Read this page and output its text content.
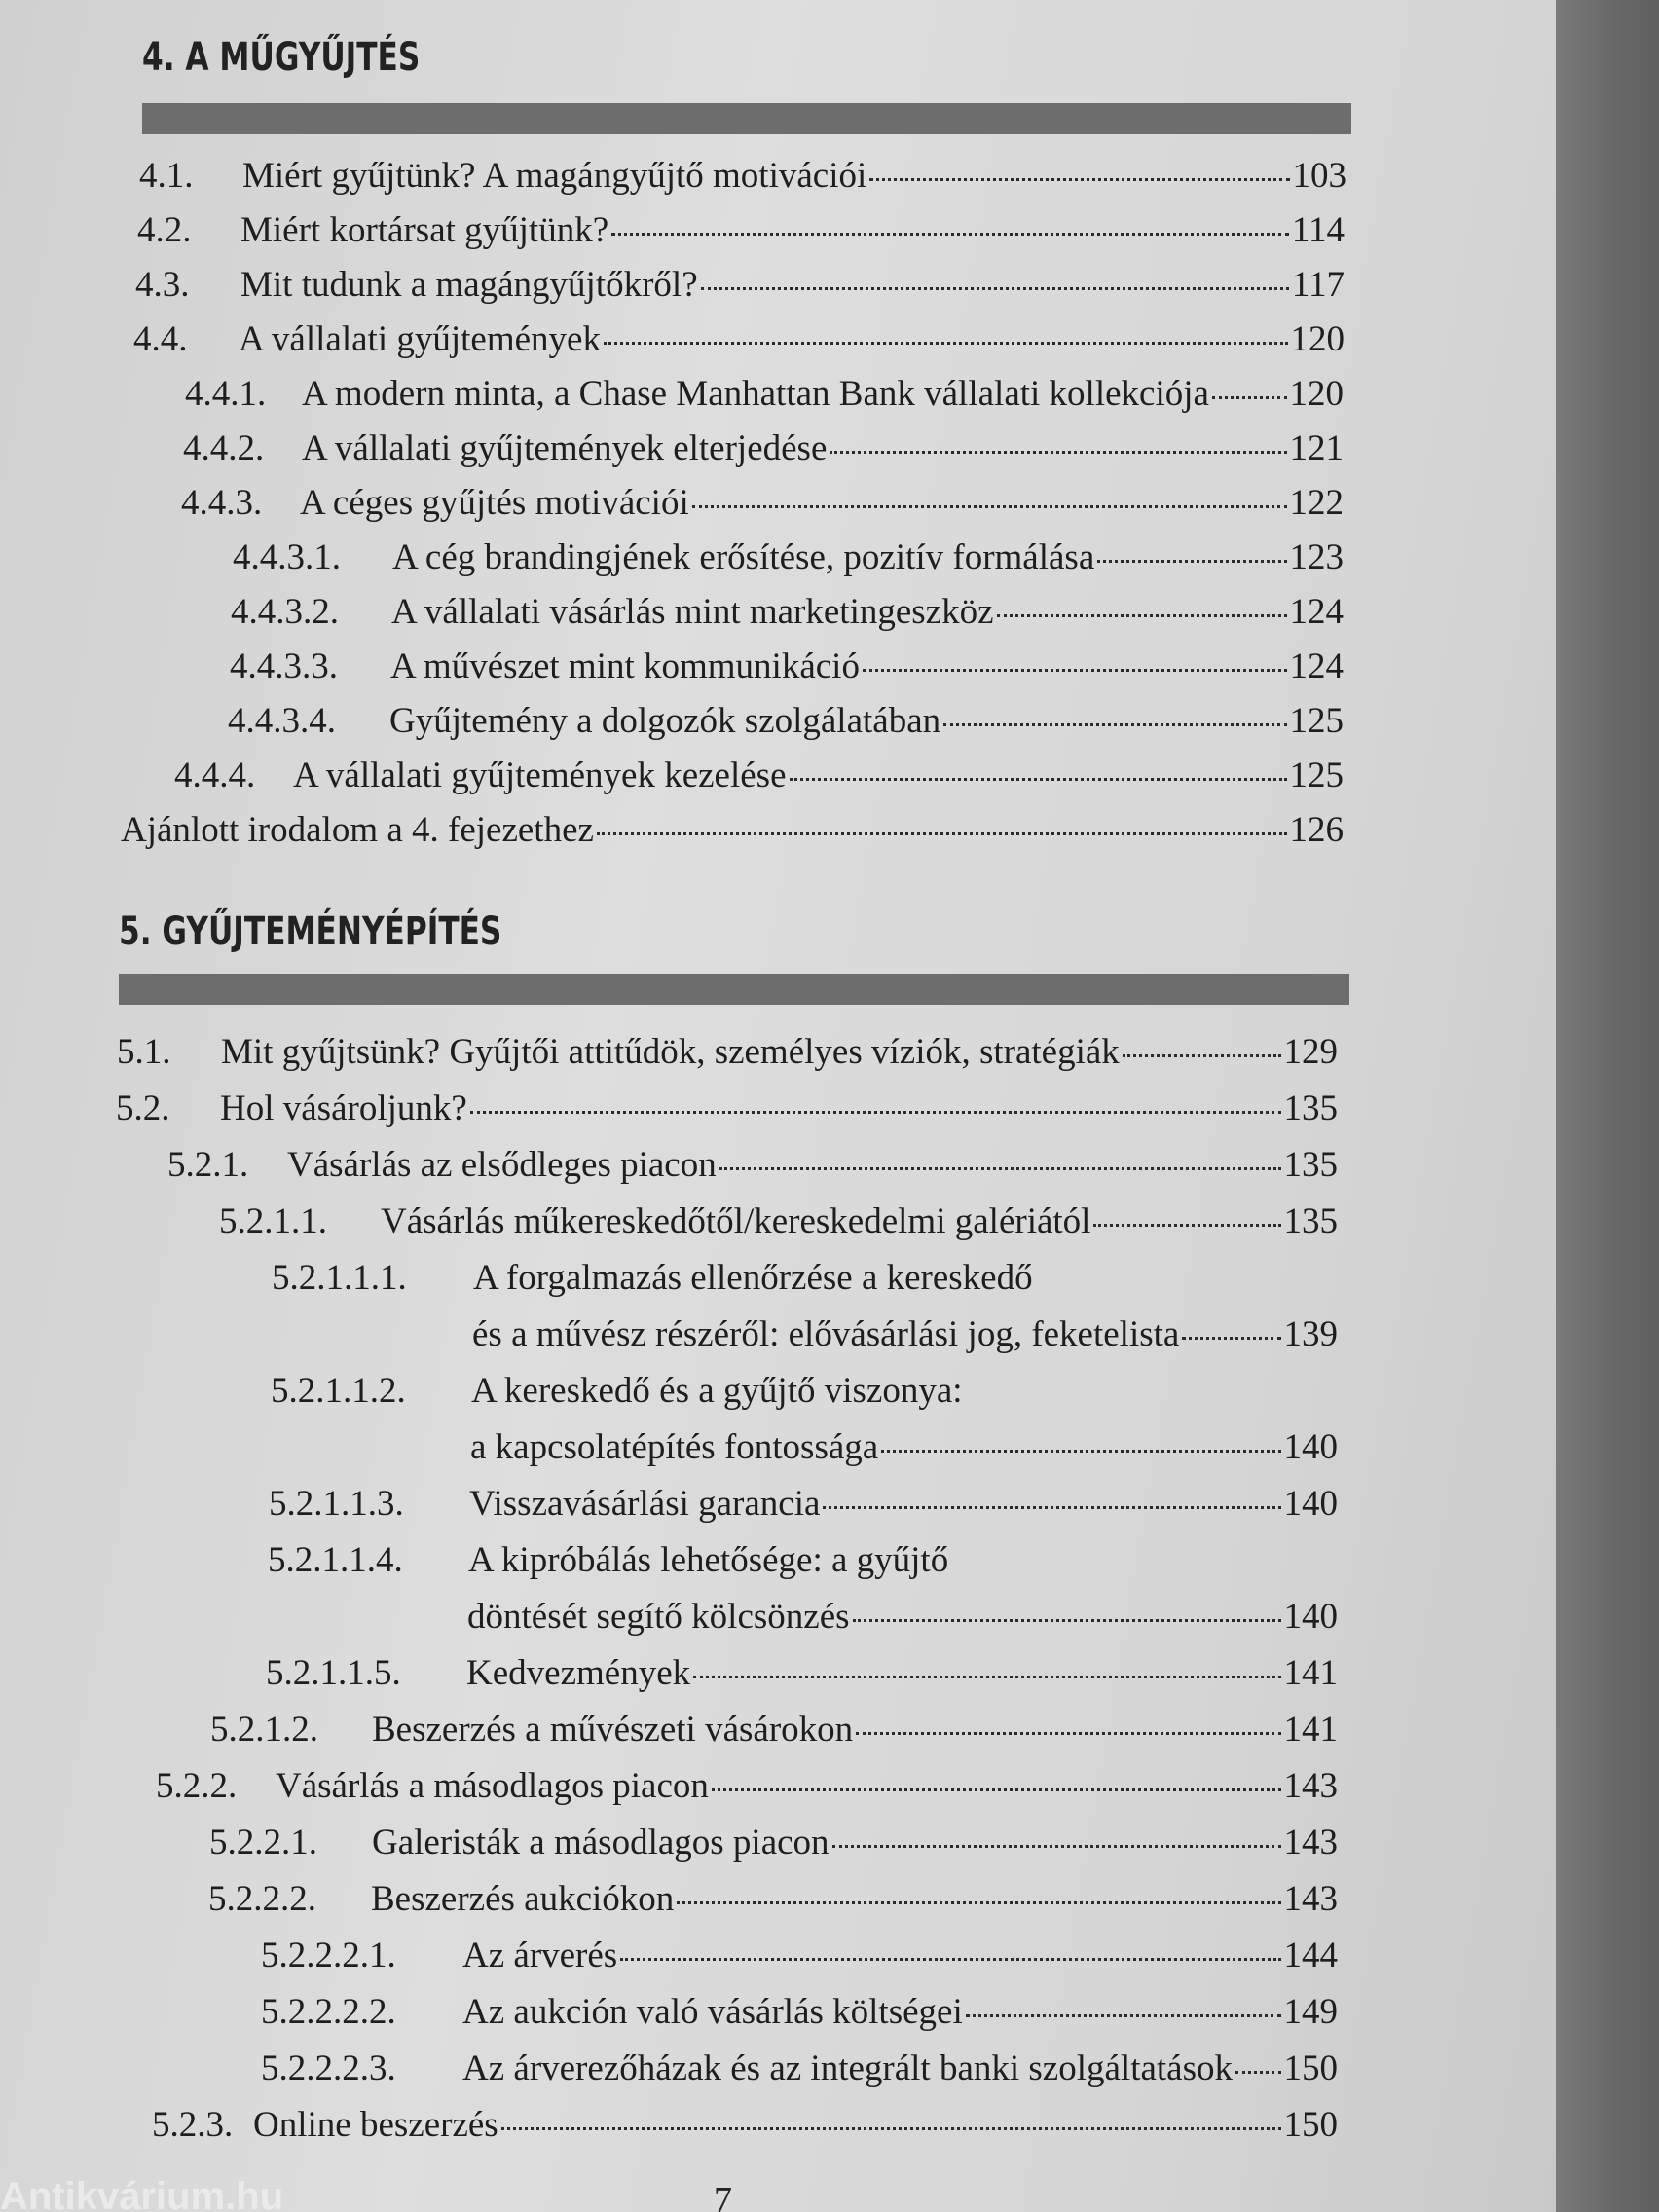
4. A MŰGYŰJTÉS
4.1.	Miért gyűjtünk? A magángyűjtő motivációi	103
4.2.	Miért kortársat gyűjtünk?	114
4.3.	Mit tudunk a magángyűjtőkről?	117
4.4.	A vállalati gyűjtemények	120
4.4.1. A modern minta, a Chase Manhattan Bank vállalati kollekciója 120
4.4.2.	A vállalati gyűjtemények elterjedése	121
4.4.3.	A céges gyűjtés motivációi	122
4.4.3.1.	A cég brandingjének erősítése, pozitív formálása	123
4.4.3.2.	A vállalati vásárlás mint marketingeszköz	124
4.4.3.3.	A művészet mint kommunikáció	124
4.4.3.4.	Gyűjtemény a dolgozók szolgálatában	125
4.4.4.	A vállalati gyűjtemények kezelése	125
Ajánlott irodalom a 4. fejezethez	126
5. GYŰJTEMÉNYÉPÍTÉS
5.1.	Mit gyűjtsünk? Gyűjtői attitűdök, személyes víziók, stratégiák	129
5.2.	Hol vásároljunk?	135
5.2.1.	Vásárlás az elsődleges piacon	135
5.2.1.1.	Vásárlás műkereskedőtől/kereskedelmi galériától	135
5.2.1.1.1. A forgalmazás ellenőrzése a kereskedő
és a művész részéről: elővásárlási jog, feketelista	139
5.2.1.1.2. A kereskedő és a gyűjtő viszonya:
a kapcsolatépítés fontossága	140
5.2.1.1.3.	Visszavásárlási garancia	140
5.2.1.1.4. A kipróbálás lehetősége: a gyűjtő
döntését segítő kölcsönzés	140
5.2.1.1.5.	Kedvezmények	141
5.2.1.2.	Beszerzés a művészeti vásárokon	141
5.2.2.	Vásárlás a másodlagos piacon	143
5.2.2.1.	Galeristák a másodlagos piacon	143
5.2.2.2.	Beszerzés aukciókon	143
5.2.2.2.1.	Az árverés	144
5.2.2.2.2.	Az aukción való vásárlás költségei	149
5.2.2.2.3.	Az árverezőházak és az integrált banki szolgáltatások 150
5.2.3. Online beszerzés	150
Antikvárium.hu	7
